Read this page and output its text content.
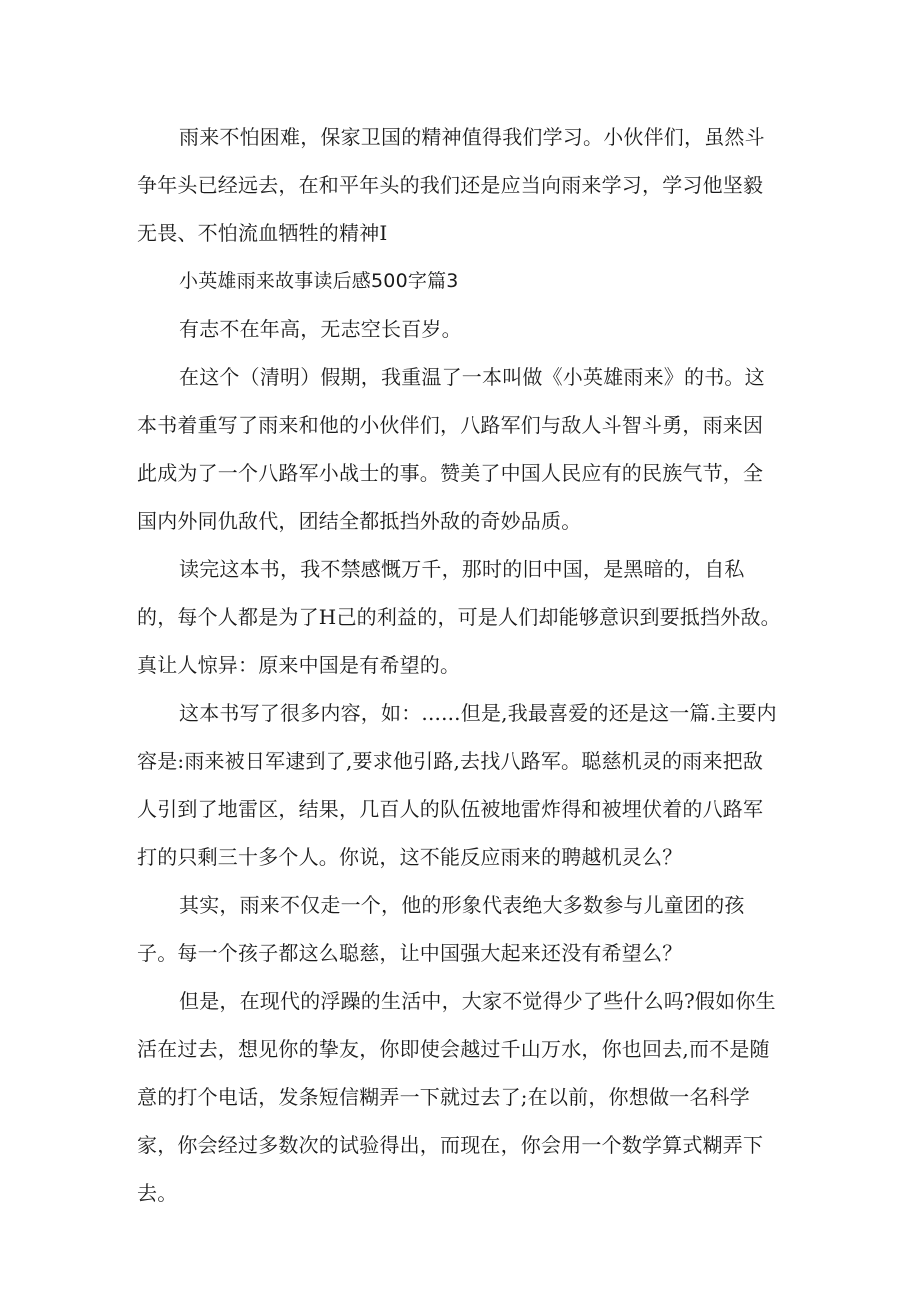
雨来不怕困难，保家卫国的精神值得我们学习。小伙伴们，虽然斗争年头已经远去，在和平年头的我们还是应当向雨来学习，学习他坚毅无畏、不怕流血牺牲的精神I

小英雄雨来故事读后感500字篇3

有志不在年高，无志空长百岁。

在这个（清明）假期，我重温了一本叫做《小英雄雨来》的书。这本书着重写了雨来和他的小伙伴们，八路军们与敌人斗智斗勇，雨来因此成为了一个八路军小战士的事。赞美了中国人民应有的民族气节，全国内外同仇敌代，团结全都抵挡外敌的奇妙品质。

读完这本书，我不禁感慨万千，那时的旧中国，是黑暗的，自私的，每个人都是为了H己的利益的，可是人们却能够意识到要抵挡外敌。真让人惊异：原来中国是有希望的。

这本书写了很多内容，如：......但是,我最喜爱的还是这一篇.主要内容是:雨来被日军逮到了,要求他引路,去找八路军。聪慈机灵的雨来把敌人引到了地雷区，结果，几百人的队伍被地雷炸得和被埋伏着的八路军打的只剩三十多个人。你说，这不能反应雨来的聘越机灵么？

其实，雨来不仅走一个，他的形象代表绝大多数参与儿童团的孩

子。每一个孩子都这么聪慈，让中国强大起来还没有希望么？

但是，在现代的浮躁的生活中，大家不觉得少了些什么吗?假如你生活在过去，想见你的挚友，你即使会越过千山万水，你也回去,而不是随意的打个电话，发条短信糊弄一下就过去了;在以前，你想做一名科学家，你会经过多数次的试验得出，而现在，你会用一个数学算式糊弄下去。
